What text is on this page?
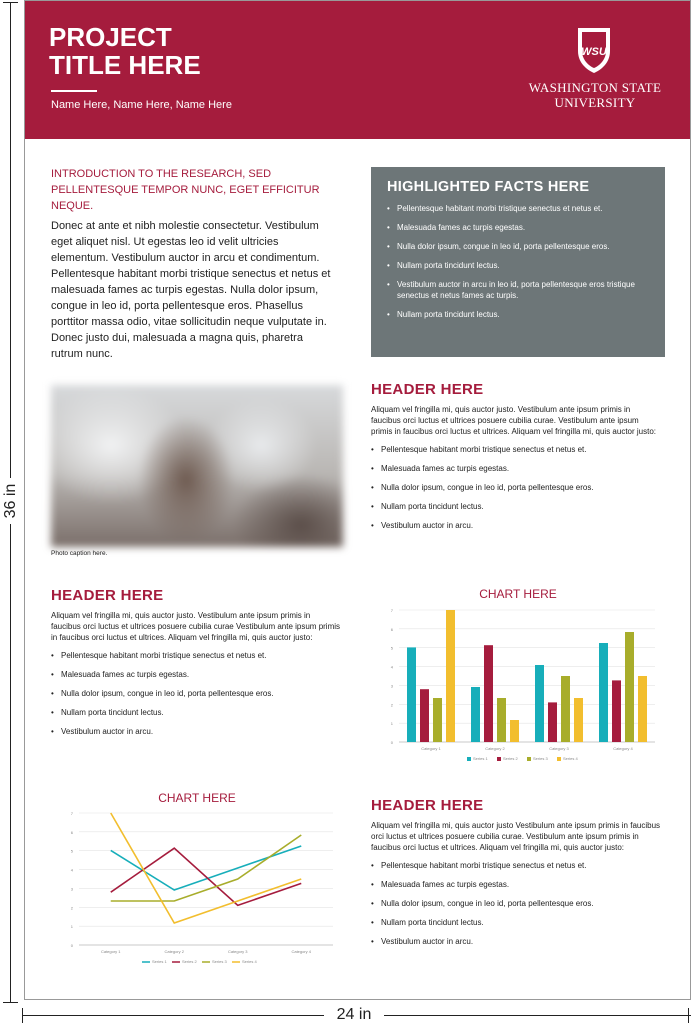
36 in
24 in
PROJECT
TITLE HERE
Name Here, Name Here, Name Here
WSU
WASHINGTON STATE
UNIVERSITY
INTRODUCTION TO THE RESEARCH, SED PELLENTESQUE TEMPOR NUNC, EGET EFFICITUR NEQUE.
Donec at ante et nibh molestie consectetur. Vestibulum eget aliquet nisl. Ut egestas leo id velit ultricies elementum. Vestibulum auctor in arcu et condimentum. Pellentesque habitant morbi tristique senectus et netus et malesuada fames ac turpis egestas. Nulla dolor ipsum, congue in leo id, porta pellentesque eros. Phasellus porttitor massa odio, vitae sollicitudin neque vulputate in. Donec justo dui, malesuada a magna quis, pharetra rutrum nunc.
HIGHLIGHTED FACTS HERE
• Pellentesque habitant morbi tristique senectus et netus et.
• Malesuada fames ac turpis egestas.
• Nulla dolor ipsum, congue in leo id, porta pellentesque eros.
• Nullam porta tincidunt lectus.
• Vestibulum auctor in arcu in leo id, porta pellentesque eros tristique senectus et netus fames ac turpis.
• Nullam porta tincidunt lectus.
Photo caption here.
HEADER HERE

Aliquam vel fringilla mi, quis auctor justo. Vestibulum ante ipsum primis in faucibus orci luctus et ultrices posuere cubilia curae. Vestibulum ante ipsum primis in faucibus orci luctus et ultrices. Aliquam vel fringilla mi, quis auctor justo:

• Pellentesque habitant morbi tristique senectus et netus et.
• Malesuada fames ac turpis egestas.
• Nulla dolor ipsum, congue in leo id, porta pellentesque eros.
• Nullam porta tincidunt lectus.
• Vestibulum auctor in arcu.
HEADER HERE

Aliquam vel fringilla mi, quis auctor justo. Vestibulum ante ipsum primis in faucibus orci luctus et ultrices posuere cubilia curae Vestibulum ante ipsum primis in faucibus orci luctus et ultrices. Aliquam vel fringilla mi, quis auctor justo:

• Pellentesque habitant morbi tristique senectus et netus et.
• Malesuada fames ac turpis egestas.
• Nulla dolor ipsum, congue in leo id, porta pellentesque eros.
• Nullam porta tincidunt lectus.
• Vestibulum auctor in arcu.
CHART HERE
0
1
2
3
4
5
6
7
Category 1	Category 2	Category 3	Category 4
Series 1	Series 2	Series 3	Series 4
CHART HERE
0
1
2
3
4
5
6
7
Category 1	Category 2	Category 3	Category 4
Series 1	Series 2	Series 3	Series 4
HEADER HERE

Aliquam vel fringilla mi, quis auctor justo Vestibulum ante ipsum primis in faucibus orci luctus et ultrices posuere cubilia curae. Vestibulum ante ipsum primis in faucibus orci luctus et ultrices. Aliquam vel fringilla mi, quis auctor justo:

• Pellentesque habitant morbi tristique senectus et netus et.
• Malesuada fames ac turpis egestas.
• Nulla dolor ipsum, congue in leo id, porta pellentesque eros.
• Nullam porta tincidunt lectus.
• Vestibulum auctor in arcu.
